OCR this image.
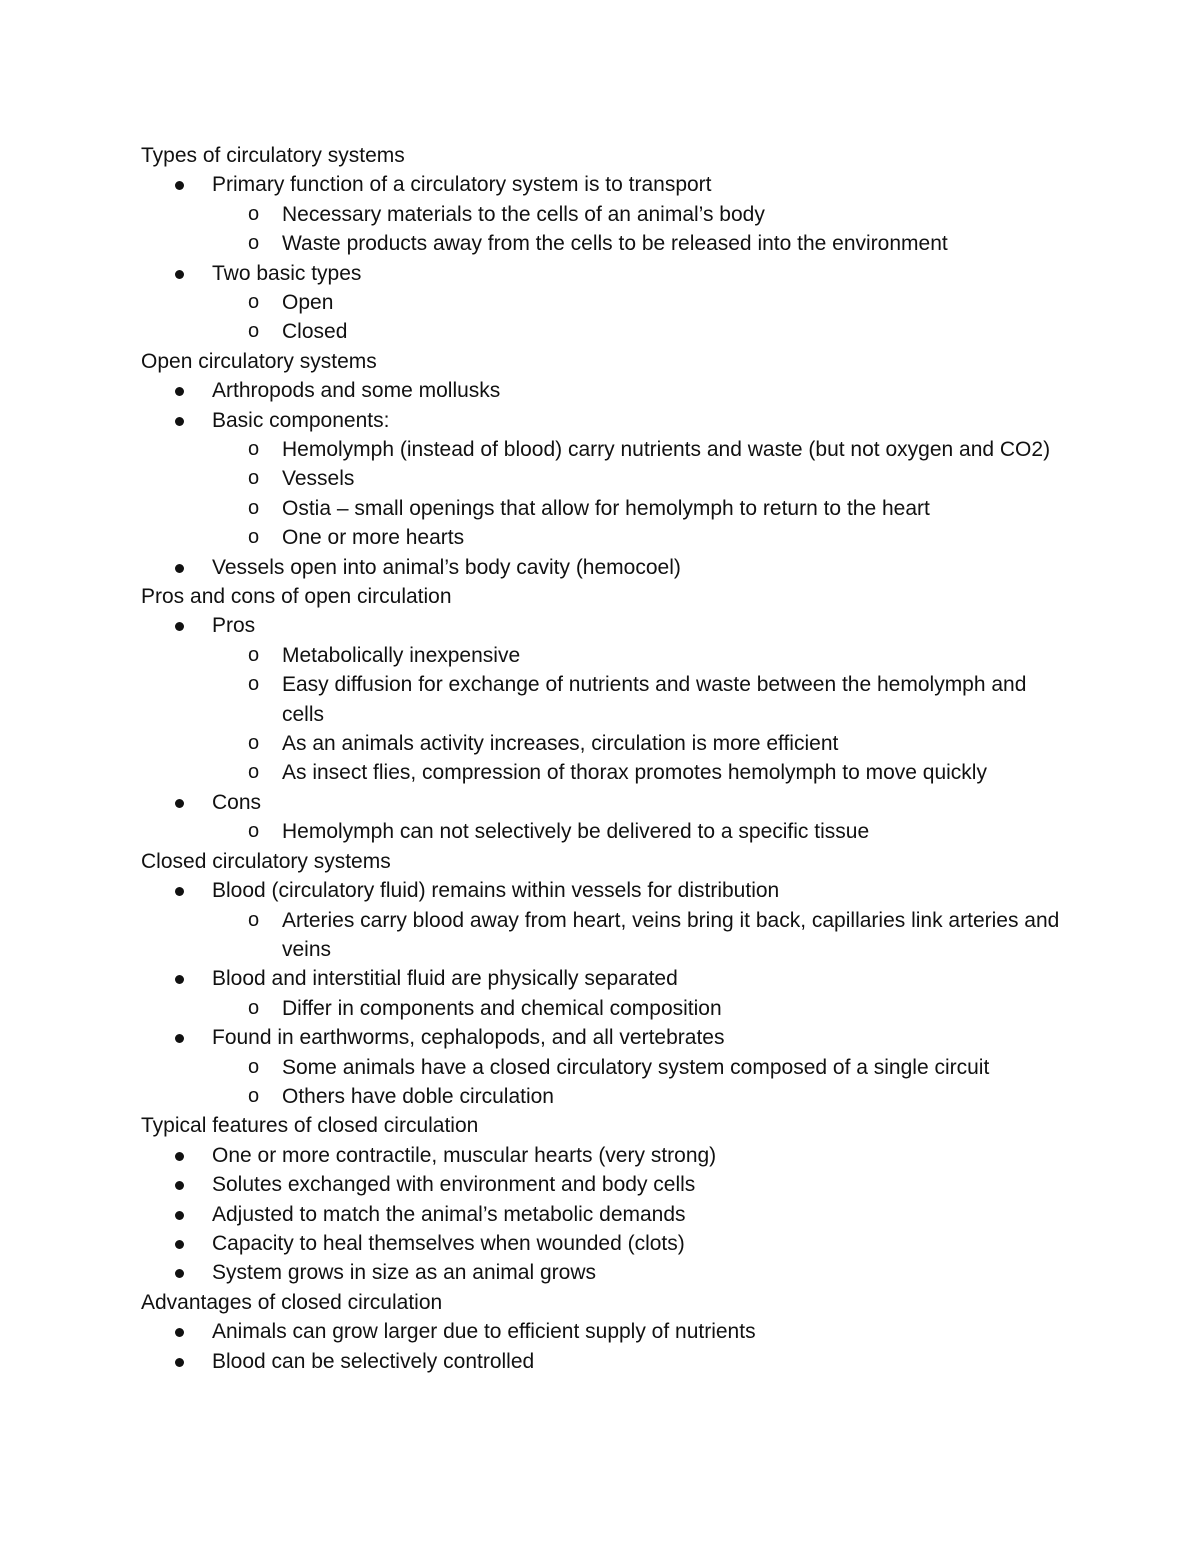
Types of circulatory systems
Primary function of a circulatory system is to transport
o Necessary materials to the cells of an animal’s body
o Waste products away from the cells to be released into the environment
Two basic types
o Open
o Closed
Open circulatory systems
Arthropods and some mollusks
Basic components:
o Hemolymph (instead of blood) carry nutrients and waste (but not oxygen and CO2)
o Vessels
o Ostia – small openings that allow for hemolymph to return to the heart
o One or more hearts
Vessels open into animal’s body cavity (hemocoel)
Pros and cons of open circulation
Pros
o Metabolically inexpensive
o Easy diffusion for exchange of nutrients and waste between the hemolymph and cells
o As an animals activity increases, circulation is more efficient
o As insect flies, compression of thorax promotes hemolymph to move quickly
Cons
o Hemolymph can not selectively be delivered to a specific tissue
Closed circulatory systems
Blood (circulatory fluid) remains within vessels for distribution
o Arteries carry blood away from heart, veins bring it back, capillaries link arteries and veins
Blood and interstitial fluid are physically separated
o Differ in components and chemical composition
Found in earthworms, cephalopods, and all vertebrates
o Some animals have a closed circulatory system composed of a single circuit
o Others have doble circulation
Typical features of closed circulation
One or more contractile, muscular hearts (very strong)
Solutes exchanged with environment and body cells
Adjusted to match the animal’s metabolic demands
Capacity to heal themselves when wounded (clots)
System grows in size as an animal grows
Advantages of closed circulation
Animals can grow larger due to efficient supply of nutrients
Blood can be selectively controlled
